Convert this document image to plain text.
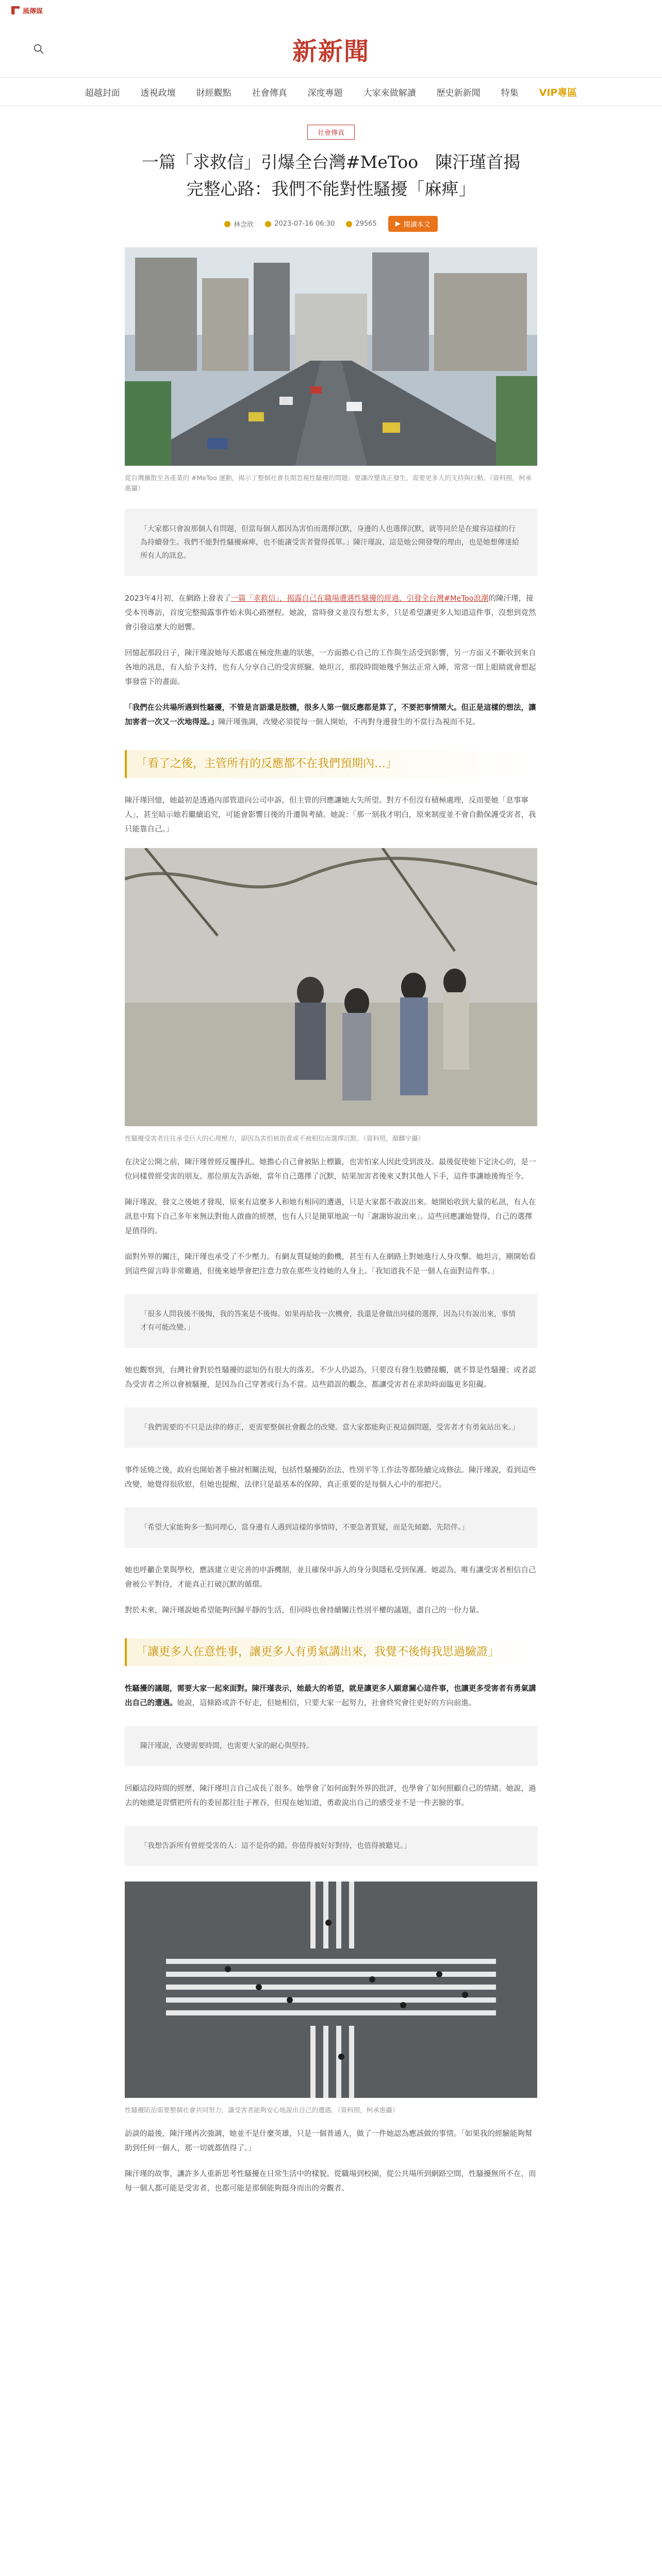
風傳媒
新新聞
超越封面	透視政壇	財經觀點	社會傳真	深度專題	大家來做解讀	歷史新新聞	特集	VIP專區
社會傳真
一篇「求救信」引爆全台灣#MeToo　陳汗瑾首揭完整心路：我們不能對性騷擾「麻痺」
林念欣	2023-07-16 06:30	29565	▶ 閱讀本文
從台灣擴散至各產業的 #MeToo 運動，揭示了整個社會長期忽視性騷擾的問題；要讓改變真正發生，需要更多人的支持與行動。（資料照，柯承惠攝）
「大家都只會說那個人有問題，但當每個人都因為害怕而選擇沉默，身邊的人也選擇沉默，就等同於是在縱容這樣的行為持續發生。我們不能對性騷擾麻痺，也不能讓受害者覺得孤單。」陳汗瑾說，這是她公開發聲的理由，也是她想傳達給所有人的訊息。

2023年4月初，在網路上發表了一篇「求救信」，揭露自己在職場遭遇性騷擾的經過，引發全台灣#MeToo浪潮的陳汗瑾，接受本刊專訪，首度完整揭露事件始末與心路歷程。她說，當時發文並沒有想太多，只是希望讓更多人知道這件事，沒想到竟然會引發這麼大的迴響。

回憶起那段日子，陳汗瑾說她每天都處在極度焦慮的狀態，一方面擔心自己的工作與生活受到影響，另一方面又不斷收到來自各地的訊息，有人給予支持，也有人分享自己的受害經驗。她坦言，那段時間她幾乎無法正常入睡，常常一閉上眼睛就會想起事發當下的畫面。

「我們在公共場所遇到性騷擾，不管是言語還是肢體，很多人第一個反應都是算了，不要把事情鬧大。但正是這樣的想法，讓加害者一次又一次地得逞。」陳汗瑾強調，改變必須從每一個人開始，不再對身邊發生的不當行為視而不見。

「看了之後，主管所有的反應都不在我們預期內…」

陳汗瑾回憶，她最初是透過內部管道向公司申訴，但主管的回應讓她大失所望。對方不但沒有積極處理，反而要她「息事寧人」，甚至暗示她若繼續追究，可能會影響日後的升遷與考績。她說：「那一刻我才明白，原來制度並不會自動保護受害者，我只能靠自己。」

性騷擾受害者往往承受巨大的心理壓力，卻因為害怕被指責或不被相信而選擇沉默。（資料照，顏麟宇攝）

在決定公開之前，陳汗瑾曾經反覆掙扎。她擔心自己會被貼上標籤，也害怕家人因此受到波及。最後促使她下定決心的，是一位同樣曾經受害的朋友。那位朋友告訴她，當年自己選擇了沉默，結果加害者後來又對其他人下手，這件事讓她後悔至今。

陳汗瑾說，發文之後她才發現，原來有這麼多人和她有相同的遭遇，只是大家都不敢說出來。她開始收到大量的私訊，有人在訊息中寫下自己多年來無法對他人啟齒的經歷，也有人只是簡單地說一句「謝謝妳說出來」。這些回應讓她覺得，自己的選擇是值得的。

面對外界的關注，陳汗瑾也承受了不少壓力。有網友質疑她的動機，甚至有人在網路上對她進行人身攻擊。她坦言，剛開始看到這些留言時非常難過，但後來她學會把注意力放在那些支持她的人身上。「我知道我不是一個人在面對這件事。」

「很多人問我後不後悔，我的答案是不後悔。如果再給我一次機會，我還是會做出同樣的選擇，因為只有說出來，事情才有可能改變。」

她也觀察到，台灣社會對於性騷擾的認知仍有很大的落差。不少人仍認為，只要沒有發生肢體接觸，就不算是性騷擾；或者認為受害者之所以會被騷擾，是因為自己穿著或行為不當。這些錯誤的觀念，都讓受害者在求助時面臨更多阻礙。

「我們需要的不只是法律的修正，更需要整個社會觀念的改變。當大家都能夠正視這個問題，受害者才有勇氣站出來。」

事件延燒之後，政府也開始著手檢討相關法規，包括性騷擾防治法、性別平等工作法等都陸續完成修法。陳汗瑾說，看到這些改變，她覺得很欣慰，但她也提醒，法律只是最基本的保障，真正重要的是每個人心中的那把尺。

「希望大家能夠多一點同理心，當身邊有人遇到這樣的事情時，不要急著質疑，而是先傾聽、先陪伴。」

她也呼籲企業與學校，應該建立更完善的申訴機制，並且確保申訴人的身分與隱私受到保護。她認為，唯有讓受害者相信自己會被公平對待，才能真正打破沉默的循環。

對於未來，陳汗瑾說她希望能夠回歸平靜的生活，但同時也會持續關注性別平權的議題，盡自己的一份力量。

「讓更多人在意性事，讓更多人有勇氣講出來，我覺不後悔我思過驗證」

性騷擾的議題，需要大家一起來面對。陳汗瑾表示，她最大的希望，就是讓更多人願意關心這件事，也讓更多受害者有勇氣講出自己的遭遇。她說，這條路或許不好走，但她相信，只要大家一起努力，社會終究會往更好的方向前進。

陳汗瑾說，改變需要時間，也需要大家的耐心與堅持。

回顧這段時間的經歷，陳汗瑾坦言自己成長了很多。她學會了如何面對外界的批評，也學會了如何照顧自己的情緒。她說，過去的她總是習慣把所有的委屈都往肚子裡吞，但現在她知道，勇敢說出自己的感受並不是一件丟臉的事。

「我想告訴所有曾經受害的人：這不是你的錯。你值得被好好對待，也值得被聽見。」
性騷擾防治需要整個社會共同努力，讓受害者能夠安心地說出自己的遭遇。（資料照，柯承惠攝）

訪談的最後，陳汗瑾再次強調，她並不是什麼英雄，只是一個普通人，做了一件她認為應該做的事情。「如果我的經驗能夠幫助到任何一個人，那一切就都值得了。」

陳汗瑾的故事，讓許多人重新思考性騷擾在日常生活中的樣貌。從職場到校園，從公共場所到網路空間，性騷擾無所不在，而每一個人都可能是受害者，也都可能是那個能夠挺身而出的旁觀者。
